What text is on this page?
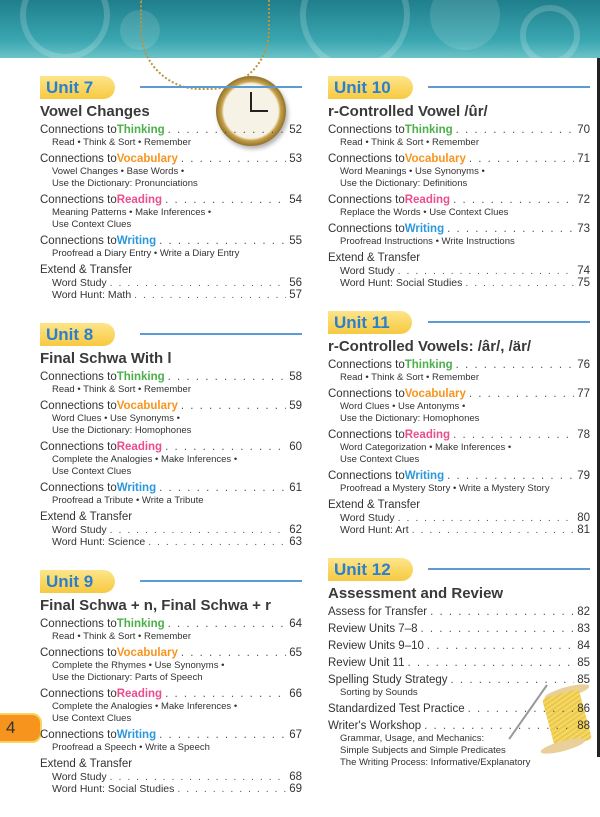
Unit 7
Vowel Changes
Connections to Thinking . . .	52
Read • Think & Sort • Remember
Connections to Vocabulary . . .	53
Vowel Changes • Base Words •
Use the Dictionary: Pronunciations
Connections to Reading . . .	54
Meaning Patterns • Make Inferences •
Use Context Clues
Connections to Writing . . .	55
Proofread a Diary Entry • Write a Diary Entry
Extend & Transfer
Word Study . . .	56
Word Hunt: Math . . .	57
Unit 8
Final Schwa With l
Connections to Thinking . . .	58
Read • Think & Sort • Remember
Connections to Vocabulary . . .	59
Word Clues • Use Synonyms •
Use the Dictionary: Homophones
Connections to Reading . . .	60
Complete the Analogies • Make Inferences •
Use Context Clues
Connections to Writing . . .	61
Proofread a Tribute • Write a Tribute
Extend & Transfer
Word Study . . .	62
Word Hunt: Science . . .	63
Unit 9
Final Schwa + n, Final Schwa + r
Connections to Thinking . . .	64
Read • Think & Sort • Remember
Connections to Vocabulary . . .	65
Complete the Rhymes • Use Synonyms •
Use the Dictionary: Parts of Speech
Connections to Reading . . .	66
Complete the Analogies • Make Inferences •
Use Context Clues
Connections to Writing . . .	67
Proofread a Speech • Write a Speech
Extend & Transfer
Word Study . . .	68
Word Hunt: Social Studies . . .	69
Unit 10
r-Controlled Vowel /ûr/
Connections to Thinking . . .	70
Read • Think & Sort • Remember
Connections to Vocabulary . . .	71
Word Meanings • Use Synonyms •
Use the Dictionary: Definitions
Connections to Reading . . .	72
Replace the Words • Use Context Clues
Connections to Writing . . .	73
Proofread Instructions • Write Instructions
Extend & Transfer
Word Study . . .	74
Word Hunt: Social Studies . . .	75
Unit 11
r-Controlled Vowels: /âr/, /är/
Connections to Thinking . . .	76
Read • Think & Sort • Remember
Connections to Vocabulary . . .	77
Word Clues • Use Antonyms •
Use the Dictionary: Homophones
Connections to Reading . . .	78
Word Categorization • Make Inferences •
Use Context Clues
Connections to Writing . . .	79
Proofread a Mystery Story • Write a Mystery Story
Extend & Transfer
Word Study . . .	80
Word Hunt: Art . . .	81
Unit 12
Assessment and Review
Assess for Transfer . . .	82
Review Units 7–8 . . .	83
Review Units 9–10 . . .	84
Review Unit 11 . . .	85
Spelling Study Strategy . . .	85
Sorting by Sounds
Standardized Test Practice . . .	86
Writer's Workshop . . .	88
Grammar, Usage, and Mechanics:
Simple Subjects and Simple Predicates
The Writing Process: Informative/Explanatory
4
